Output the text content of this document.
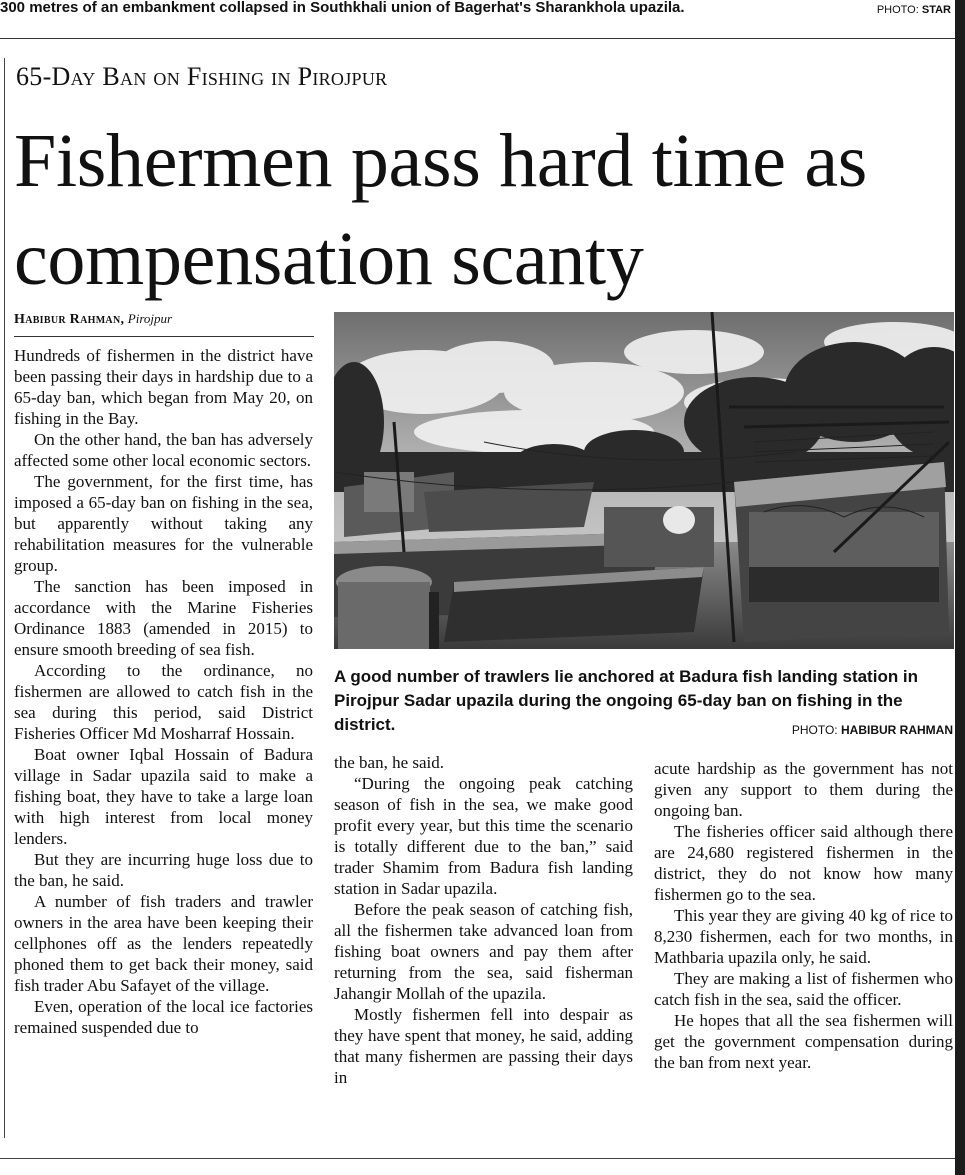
300 metres of an embankment collapsed in Southkhali union of Bagerhat's Sharankhola upazila.	PHOTO: STAR
65-Day Ban on Fishing in Pirojpur
Fishermen pass hard time as compensation scanty
Habibur Rahman, Pirojpur

Hundreds of fishermen in the district have been passing their days in hardship due to a 65-day ban, which began from May 20, on fishing in the Bay.

On the other hand, the ban has adversely affected some other local economic sectors.

The government, for the first time, has imposed a 65-day ban on fishing in the sea, but apparently without taking any rehabilitation measures for the vulnerable group.

The sanction has been imposed in accordance with the Marine Fisheries Ordinance 1883 (amended in 2015) to ensure smooth breeding of sea fish.

According to the ordinance, no fishermen are allowed to catch fish in the sea during this period, said District Fisheries Officer Md Mosharraf Hossain.

Boat owner Iqbal Hossain of Badura village in Sadar upazila said to make a fishing boat, they have to take a large loan with high interest from local money lenders.

But they are incurring huge loss due to the ban, he said.

A number of fish traders and trawler owners in the area have been keeping their cellphones off as the lenders repeatedly phoned them to get back their money, said fish trader Abu Safayet of the village.

Even, operation of the local ice factories remained suspended due to

A good number of trawlers lie anchored at Badura fish landing station in Pirojpur Sadar upazila during the ongoing 65-day ban on fishing in the district.	PHOTO: HABIBUR RAHMAN

the ban, he said.

“During the ongoing peak catching season of fish in the sea, we make good profit every year, but this time the scenario is totally different due to the ban,” said trader Shamim from Badura fish landing station in Sadar upazila.

Before the peak season of catching fish, all the fishermen take advanced loan from fishing boat owners and pay them after returning from the sea, said fisherman Jahangir Mollah of the upazila.

Mostly fishermen fell into despair as they have spent that money, he said, adding that many fishermen are passing their days in

acute hardship as the government has not given any support to them during the ongoing ban.

The fisheries officer said although there are 24,680 registered fishermen in the district, they do not know how many fishermen go to the sea.

This year they are giving 40 kg of rice to 8,230 fishermen, each for two months, in Mathbaria upazila only, he said.

They are making a list of fishermen who catch fish in the sea, said the officer.

He hopes that all the sea fishermen will get the government compensation during the ban from next year.
